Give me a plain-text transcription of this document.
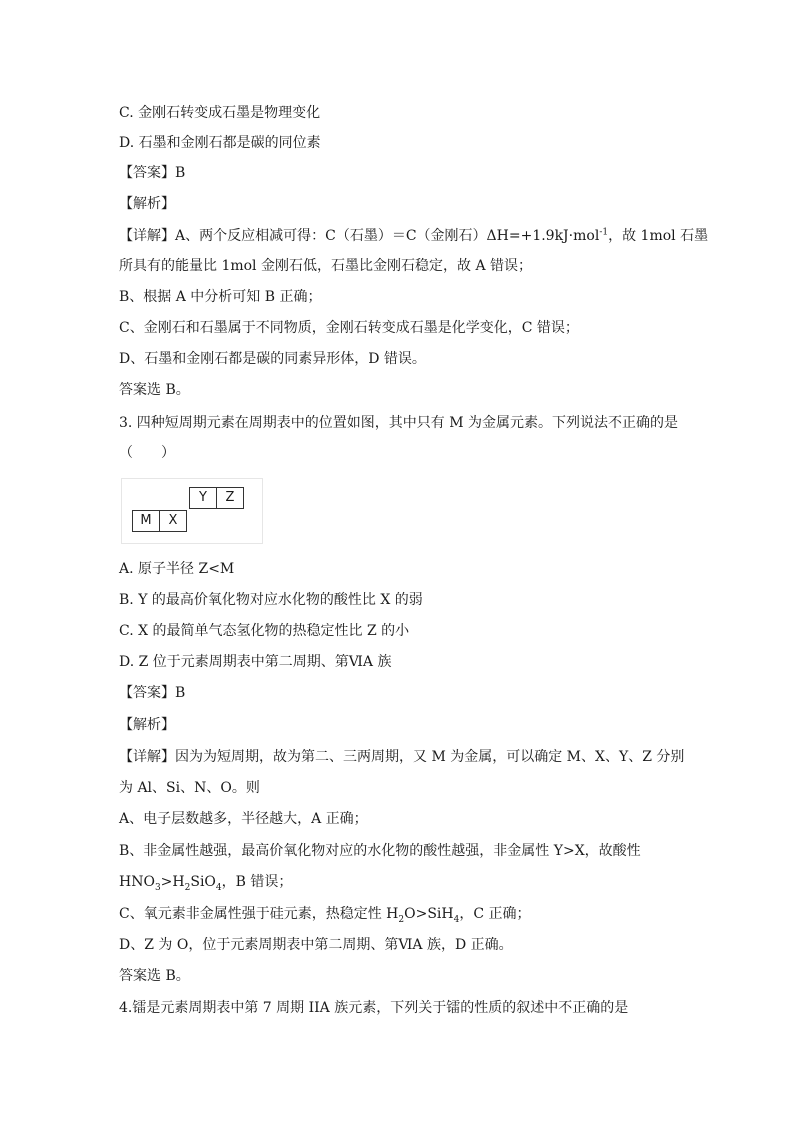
C. 金刚石转变成石墨是物理变化
D. 石墨和金刚石都是碳的同位素
【答案】B
【解析】
【详解】A、两个反应相减可得：C（石墨）＝C（金刚石）ΔH=+1.9kJ·mol$^{-1}$，故 1mol 石墨
所具有的能量比 1mol 金刚石低，石墨比金刚石稳定，故 A 错误；
B、根据 A 中分析可知 B 正确；
C、金刚石和石墨属于不同物质，金刚石转变成石墨是化学变化，C 错误；
D、石墨和金刚石都是碳的同素异形体，D 错误。
答案选 B。
3. 四种短周期元素在周期表中的位置如图，其中只有 M 为金属元素。下列说法不正确的是
（　　）
Y	Z
M	X
A. 原子半径 Z<M
B. Y 的最高价氧化物对应水化物的酸性比 X 的弱
C. X 的最简单气态氢化物的热稳定性比 Z 的小
D. Z 位于元素周期表中第二周期、第ⅥA 族
【答案】B
【解析】
【详解】因为为短周期，故为第二、三两周期，又 M 为金属，可以确定 M、X、Y、Z 分别
为 Al、Si、N、O。则
A、电子层数越多，半径越大，A 正确；
B、非金属性越强，最高价氧化物对应的水化物的酸性越强，非金属性 Y>X，故酸性
$HNO_3>H_2SiO_4$，B 错误；
C、氧元素非金属性强于硅元素，热稳定性 $H_2O>SiH_4$，C 正确；
D、Z 为 O，位于元素周期表中第二周期、第ⅥA 族，D 正确。
答案选 B。
4.镭是元素周期表中第 7 周期 IIA 族元素，下列关于镭的性质的叙述中不正确的是
